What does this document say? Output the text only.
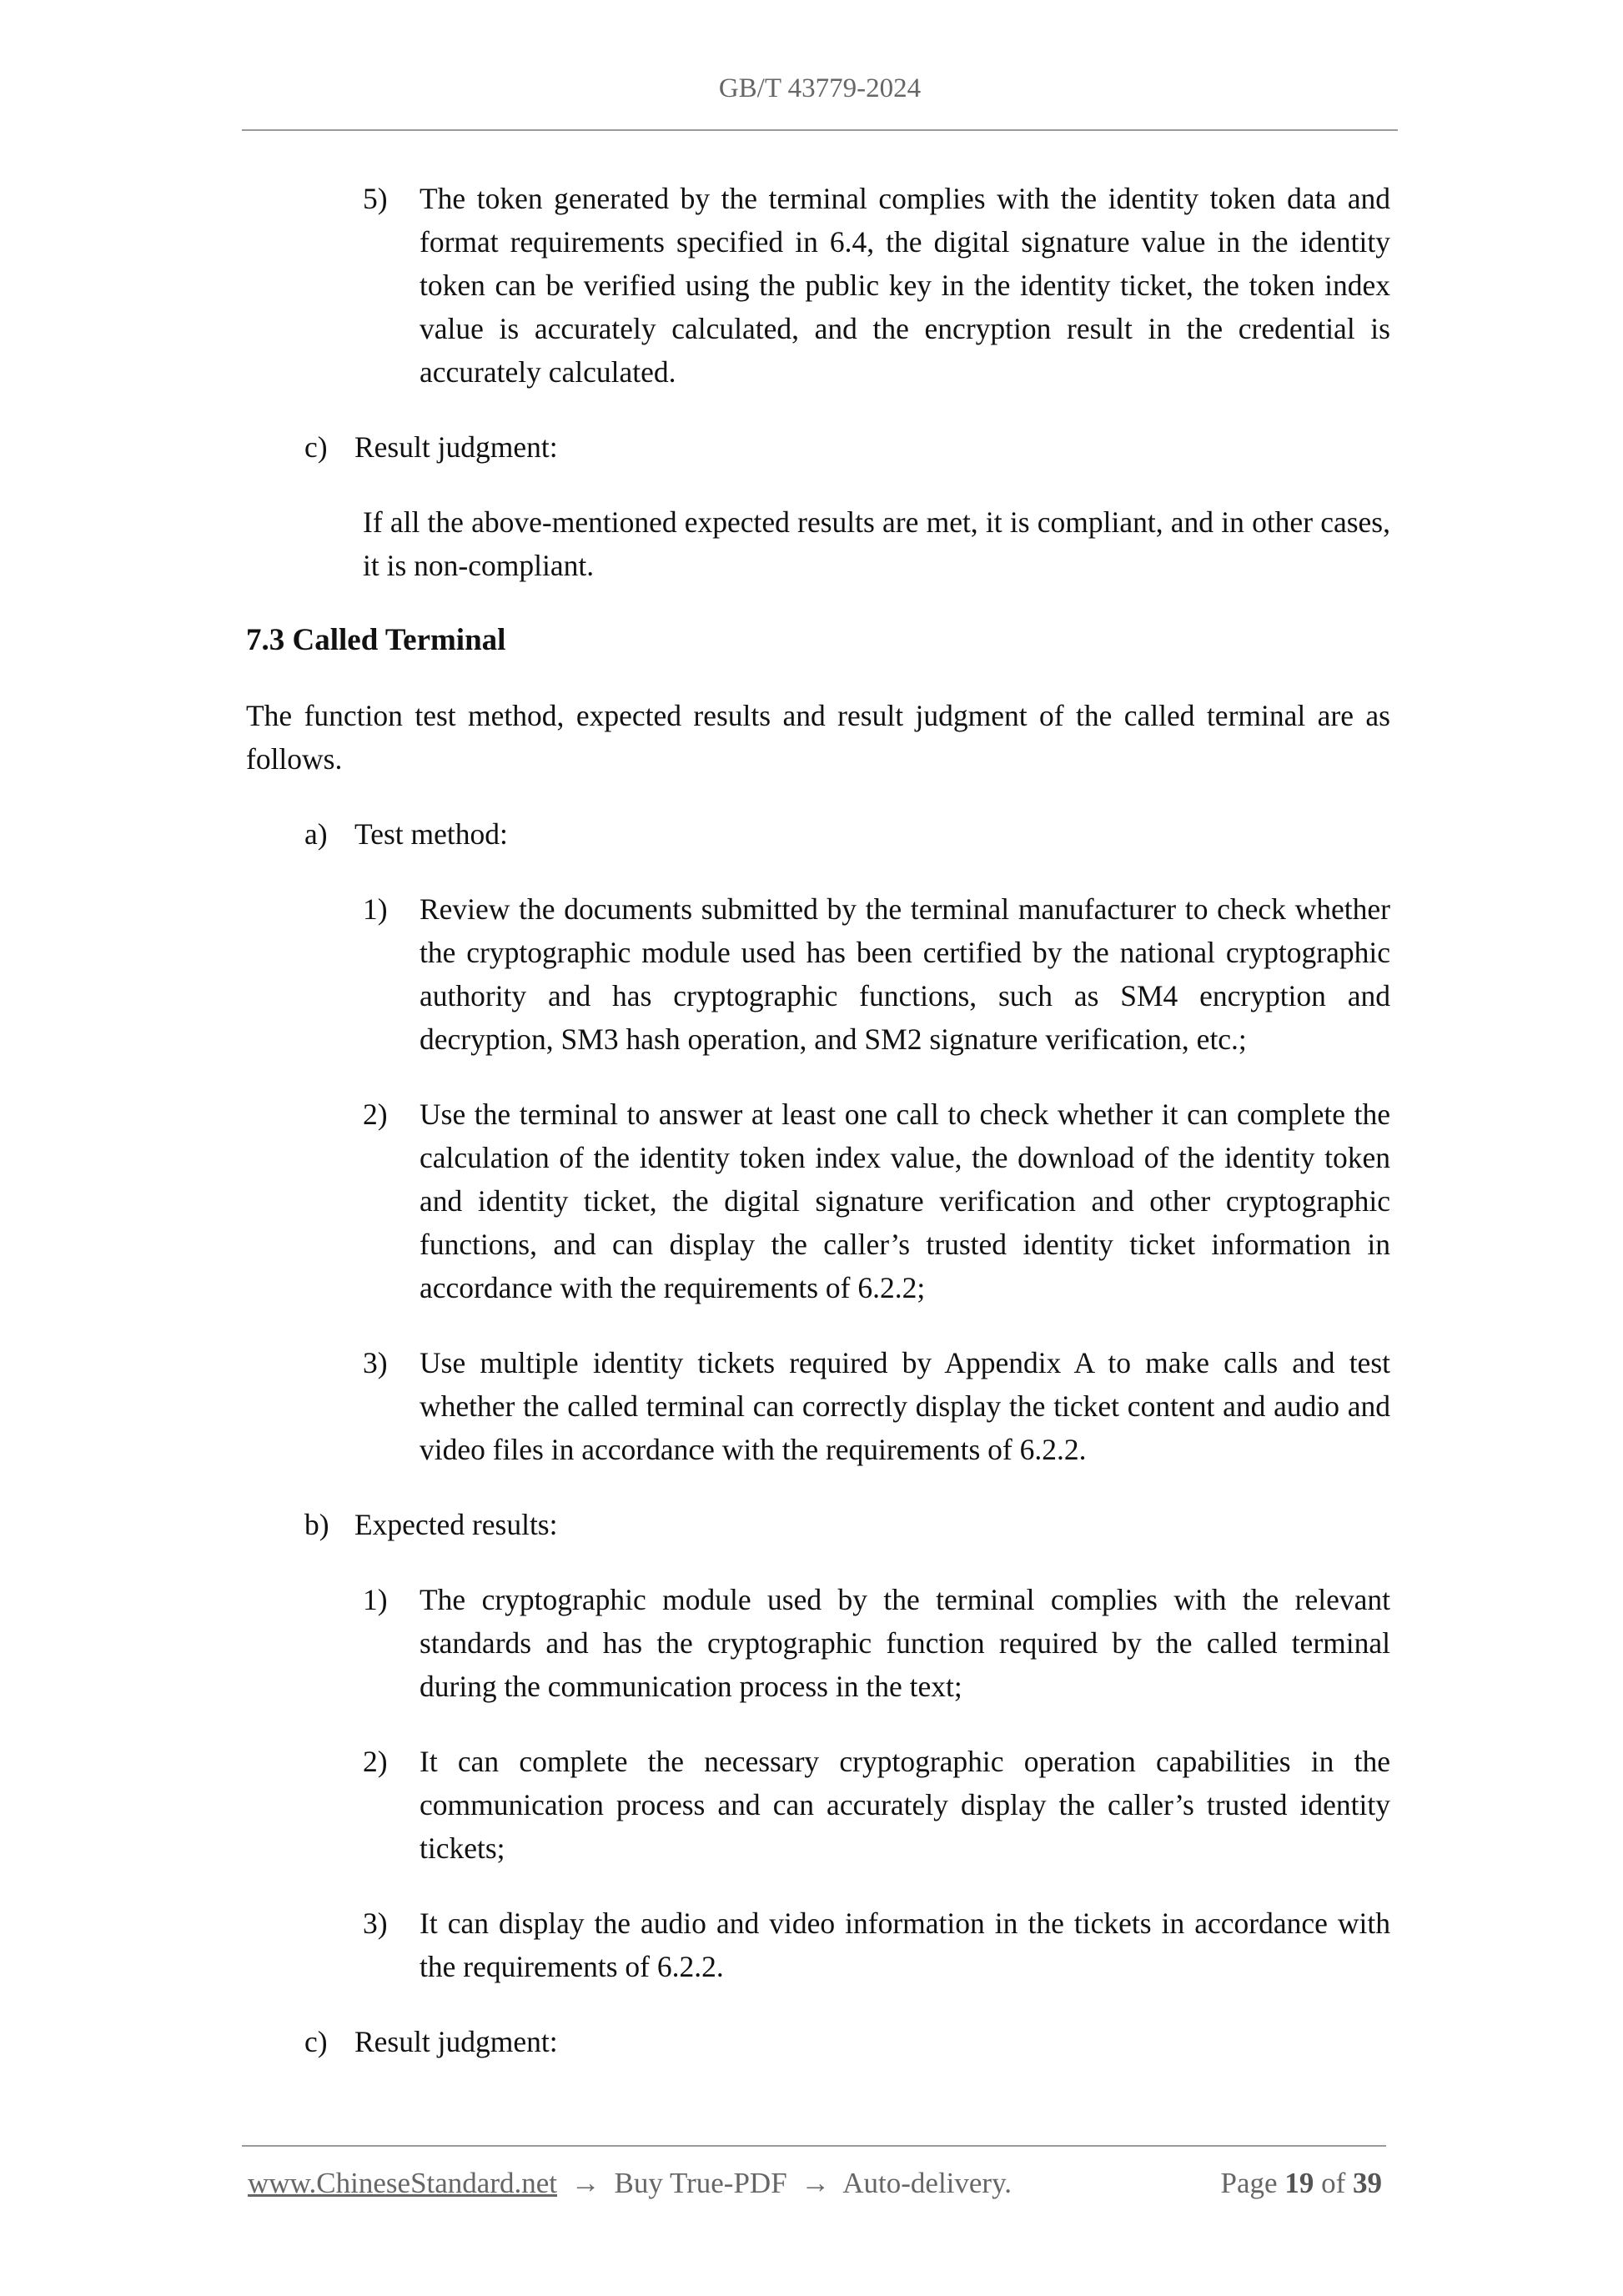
GB/T 43779-2024
5)	The token generated by the terminal complies with the identity token data and format requirements specified in 6.4, the digital signature value in the identity token can be verified using the public key in the identity ticket, the token index value is accurately calculated, and the encryption result in the credential is accurately calculated.
c) Result judgment:
If all the above-mentioned expected results are met, it is compliant, and in other cases, it is non-compliant.
7.3 Called Terminal
The function test method, expected results and result judgment of the called terminal are as follows.
a) Test method:
1)	Review the documents submitted by the terminal manufacturer to check whether the cryptographic module used has been certified by the national cryptographic authority and has cryptographic functions, such as SM4 encryption and decryption, SM3 hash operation, and SM2 signature verification, etc.;
2)	Use the terminal to answer at least one call to check whether it can complete the calculation of the identity token index value, the download of the identity token and identity ticket, the digital signature verification and other cryptographic functions, and can display the caller’s trusted identity ticket information in accordance with the requirements of 6.2.2;
3)	Use multiple identity tickets required by Appendix A to make calls and test whether the called terminal can correctly display the ticket content and audio and video files in accordance with the requirements of 6.2.2.
b) Expected results:
1)	The cryptographic module used by the terminal complies with the relevant standards and has the cryptographic function required by the called terminal during the communication process in the text;
2)	It can complete the necessary cryptographic operation capabilities in the communication process and can accurately display the caller’s trusted identity tickets;
3)	It can display the audio and video information in the tickets in accordance with the requirements of 6.2.2.
c) Result judgment:
www.ChineseStandard.net → Buy True-PDF → Auto-delivery.	Page 19 of 39
